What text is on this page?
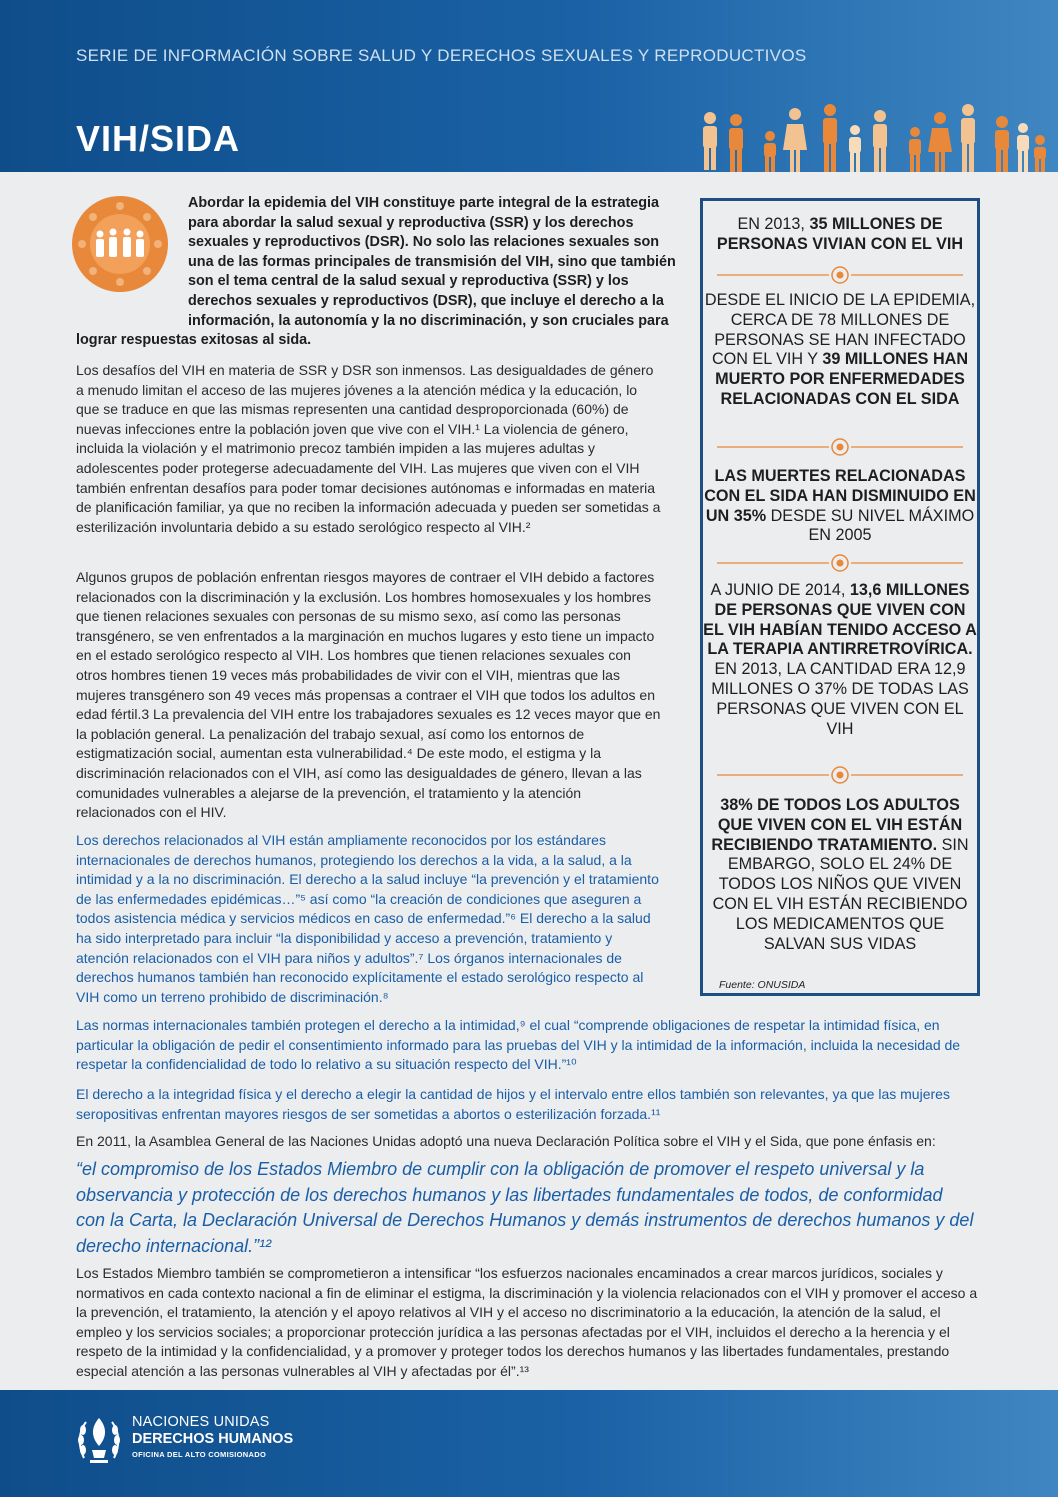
SERIE DE INFORMACIÓN SOBRE SALUD Y DERECHOS SEXUALES Y REPRODUCTIVOS
VIH/SIDA
Abordar la epidemia del VIH constituye parte integral de la estrategia para abordar la salud sexual y reproductiva (SSR) y los derechos sexuales y reproductivos (DSR). No solo las relaciones sexuales son una de las formas principales de transmisión del VIH, sino que también son el tema central de la salud sexual y reproductiva (SSR) y los derechos sexuales y reproductivos (DSR), que incluye el derecho a la información, la autonomía y la no discriminación, y son cruciales para lograr respuestas exitosas al sida.
Los desafíos del VIH en materia de SSR y DSR son inmensos. Las desigualdades de género a menudo limitan el acceso de las mujeres jóvenes a la atención médica y la educación, lo que se traduce en que las mismas representen una cantidad desproporcionada (60%) de nuevas infecciones entre la población joven que vive con el VIH.¹ La violencia de género, incluida la violación y el matrimonio precoz también impiden a las mujeres adultas y adolescentes poder protegerse adecuadamente del VIH. Las mujeres que viven con el VIH también enfrentan desafíos para poder tomar decisiones autónomas e informadas en materia de planificación familiar, ya que no reciben la información adecuada y pueden ser sometidas a esterilización involuntaria debido a su estado serológico respecto al VIH.²
Algunos grupos de población enfrentan riesgos mayores de contraer el VIH debido a factores relacionados con la discriminación y la exclusión. Los hombres homosexuales y los hombres que tienen relaciones sexuales con personas de su mismo sexo, así como las personas transgénero, se ven enfrentados a la marginación en muchos lugares y esto tiene un impacto en el estado serológico respecto al VIH. Los hombres que tienen relaciones sexuales con otros hombres tienen 19 veces más probabilidades de vivir con el VIH, mientras que las mujeres transgénero son 49 veces más propensas a contraer el VIH que todos los adultos en edad fértil.3 La prevalencia del VIH entre los trabajadores sexuales es 12 veces mayor que en la población general. La penalización del trabajo sexual, así como los entornos de estigmatización social, aumentan esta vulnerabilidad.⁴ De este modo, el estigma y la discriminación relacionados con el VIH, así como las desigualdades de género, llevan a las comunidades vulnerables a alejarse de la prevención, el tratamiento y la atención relacionados con el HIV.
Los derechos relacionados al VIH están ampliamente reconocidos por los estándares internacionales de derechos humanos, protegiendo los derechos a la vida, a la salud, a la intimidad y a la no discriminación. El derecho a la salud incluye “la prevención y el tratamiento de las enfermedades epidémicas…”⁵ así como “la creación de condiciones que aseguren a todos asistencia médica y servicios médicos en caso de enfermedad.”⁶ El derecho a la salud ha sido interpretado para incluir “la disponibilidad y acceso a prevención, tratamiento y atención relacionados con el VIH para niños y adultos”.⁷ Los órganos internacionales de derechos humanos también han reconocido explícitamente el estado serológico respecto al VIH como un terreno prohibido de discriminación.⁸
Las normas internacionales también protegen el derecho a la intimidad,⁹ el cual “comprende obligaciones de respetar la intimidad física, en particular la obligación de pedir el consentimiento informado para las pruebas del VIH y la intimidad de la información, incluida la necesidad de respetar la confidencialidad de todo lo relativo a su situación respecto del VIH.”¹⁰
El derecho a la integridad física y el derecho a elegir la cantidad de hijos y el intervalo entre ellos también son relevantes, ya que las mujeres seropositivas enfrentan mayores riesgos de ser sometidas a abortos o esterilización forzada.¹¹
En 2011, la Asamblea General de las Naciones Unidas adoptó una nueva Declaración Política sobre el VIH y el Sida, que pone énfasis en:
“el compromiso de los Estados Miembro de cumplir con la obligación de promover el respeto universal y la observancia y protección de los derechos humanos y las libertades fundamentales de todos, de conformidad con la Carta, la Declaración Universal de Derechos Humanos y demás instrumentos de derechos humanos y del derecho internacional.”¹²
Los Estados Miembro también se comprometieron a intensificar “los esfuerzos nacionales encaminados a crear marcos jurídicos, sociales y normativos en cada contexto nacional a fin de eliminar el estigma, la discriminación y la violencia relacionados con el VIH y promover el acceso a la prevención, el tratamiento, la atención y el apoyo relativos al VIH y el acceso no discriminatorio a la educación, la atención de la salud, el empleo y los servicios sociales; a proporcionar protección jurídica a las personas afectadas por el VIH, incluidos el derecho a la herencia y el respeto de la intimidad y la confidencialidad, y a promover y proteger todos los derechos humanos y las libertades fundamentales, prestando especial atención a las personas vulnerables al VIH y afectadas por él”.¹³
EN 2013, 35 MILLONES DE PERSONAS VIVIAN CON EL VIH
DESDE EL INICIO DE LA EPIDEMIA, CERCA DE 78 MILLONES DE PERSONAS SE HAN INFECTADO CON EL VIH Y 39 MILLONES HAN MUERTO POR ENFERMEDADES RELACIONADAS CON EL SIDA
LAS MUERTES RELACIONADAS CON EL SIDA HAN DISMINUIDO EN UN 35% DESDE SU NIVEL MÁXIMO EN 2005
A JUNIO DE 2014, 13,6 MILLONES DE PERSONAS QUE VIVEN CON EL VIH HABÍAN TENIDO ACCESO A LA TERAPIA ANTIRRETROVÍRICA. EN 2013, LA CANTIDAD ERA 12,9 MILLONES O 37% DE TODAS LAS PERSONAS QUE VIVEN CON EL VIH
38% DE TODOS LOS ADULTOS QUE VIVEN CON EL VIH ESTÁN RECIBIENDO TRATAMIENTO. SIN EMBARGO, SOLO EL 24% DE TODOS LOS NIÑOS QUE VIVEN CON EL VIH ESTÁN RECIBIENDO LOS MEDICAMENTOS QUE SALVAN SUS VIDAS
Fuente: ONUSIDA
NACIONES UNIDAS
DERECHOS HUMANOS
OFICINA DEL ALTO COMISIONADO
